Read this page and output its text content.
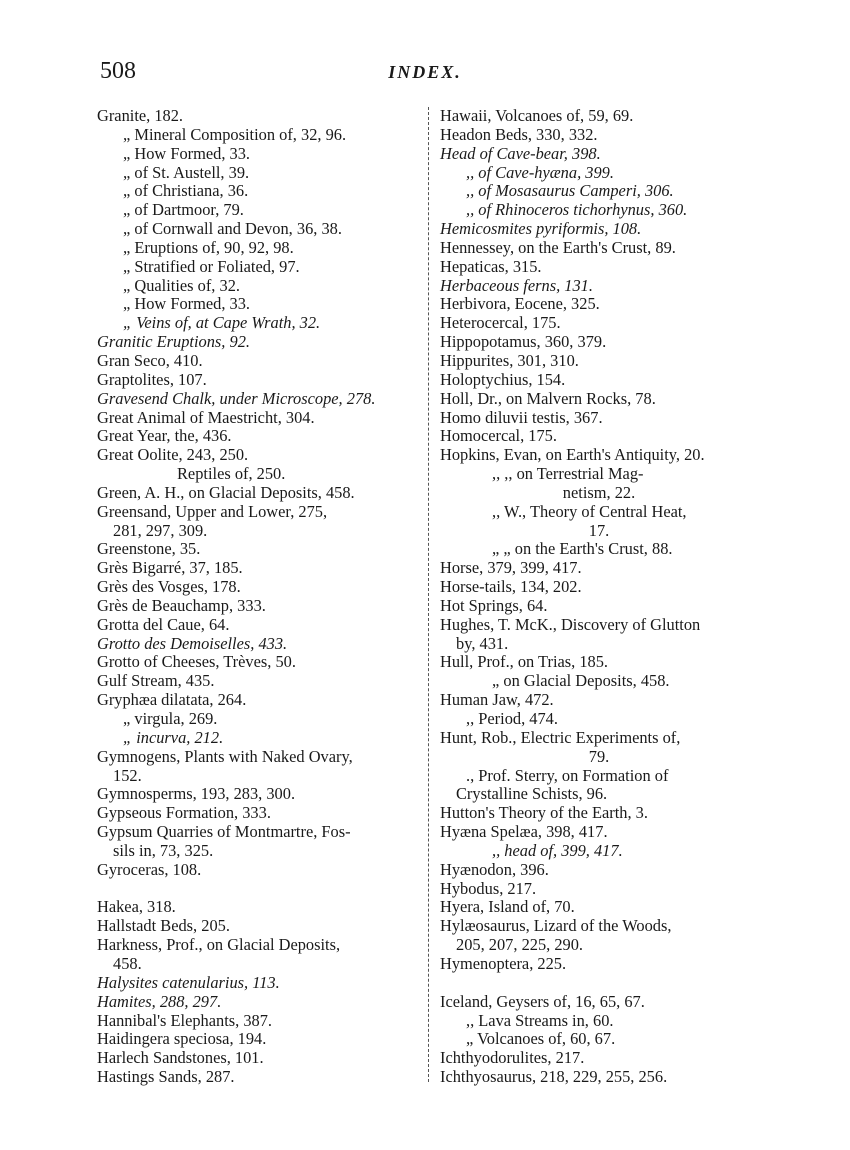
508	INDEX.
Granite, 182.
„ Mineral Composition of, 32, 96.
„ How Formed, 33.
„ of St. Austell, 39.
„ of Christiana, 36.
„ of Dartmoor, 79.
„ of Cornwall and Devon, 36, 38.
„ Eruptions of, 90, 92, 98.
„ Stratified or Foliated, 97.
„ Qualities of, 32.
„ How Formed, 33.
„ Veins of, at Cape Wrath, 32.
Granitic Eruptions, 92.
Gran Seco, 410.
Graptolites, 107.
Gravesend Chalk, under Microscope, 278.
Great Animal of Maestricht, 304.
Great Year, the, 436.
Great Oolite, 243, 250.
Reptiles of, 250.
Green, A. H., on Glacial Deposits, 458.
Greensand, Upper and Lower, 275,
281, 297, 309.
Greenstone, 35.
Grès Bigarré, 37, 185.
Grès des Vosges, 178.
Grès de Beauchamp, 333.
Grotta del Caue, 64.
Grotto des Demoiselles, 433.
Grotto of Cheeses, Trèves, 50.
Gulf Stream, 435.
Gryphæa dilatata, 264.
„ virgula, 269.
„ incurva, 212.
Gymnogens, Plants with Naked Ovary,
152.
Gymnosperms, 193, 283, 300.
Gypseous Formation, 333.
Gypsum Quarries of Montmartre, Fos-
sils in, 73, 325.
Gyroceras, 108.
Hakea, 318.
Hallstadt Beds, 205.
Harkness, Prof., on Glacial Deposits,
458.
Halysites catenularius, 113.
Hamites, 288, 297.
Hannibal's Elephants, 387.
Haidingera speciosa, 194.
Harlech Sandstones, 101.
Hastings Sands, 287.
Hawaii, Volcanoes of, 59, 69.
Headon Beds, 330, 332.
Head of Cave-bear, 398.
,, of Cave-hyæna, 399.
,, of Mosasaurus Camperi, 306.
,, of Rhinoceros tichorhynus, 360.
Hemicosmites pyriformis, 108.
Hennessey, on the Earth's Crust, 89.
Hepaticas, 315.
Herbaceous ferns, 131.
Herbivora, Eocene, 325.
Heterocercal, 175.
Hippopotamus, 360, 379.
Hippurites, 301, 310.
Holoptychius, 154.
Holl, Dr., on Malvern Rocks, 78.
Homo diluvii testis, 367.
Homocercal, 175.
Hopkins, Evan, on Earth's Antiquity, 20.
,, ,, on Terrestrial Mag-
netism, 22.
,, W., Theory of Central Heat,
17.
„ „ on the Earth's Crust, 88.
Horse, 379, 399, 417.
Horse-tails, 134, 202.
Hot Springs, 64.
Hughes, T. McK., Discovery of Glutton
by, 431.
Hull, Prof., on Trias, 185.
„ on Glacial Deposits, 458.
Human Jaw, 472.
,, Period, 474.
Hunt, Rob., Electric Experiments of,
79.
., Prof. Sterry, on Formation of
Crystalline Schists, 96.
Hutton's Theory of the Earth, 3.
Hyæna Spelæa, 398, 417.
,, head of, 399, 417.
Hyænodon, 396.
Hybodus, 217.
Hyera, Island of, 70.
Hylæosaurus, Lizard of the Woods,
205, 207, 225, 290.
Hymenoptera, 225.
Iceland, Geysers of, 16, 65, 67.
,, Lava Streams in, 60.
„ Volcanoes of, 60, 67.
Ichthyodorulites, 217.
Ichthyosaurus, 218, 229, 255, 256.
